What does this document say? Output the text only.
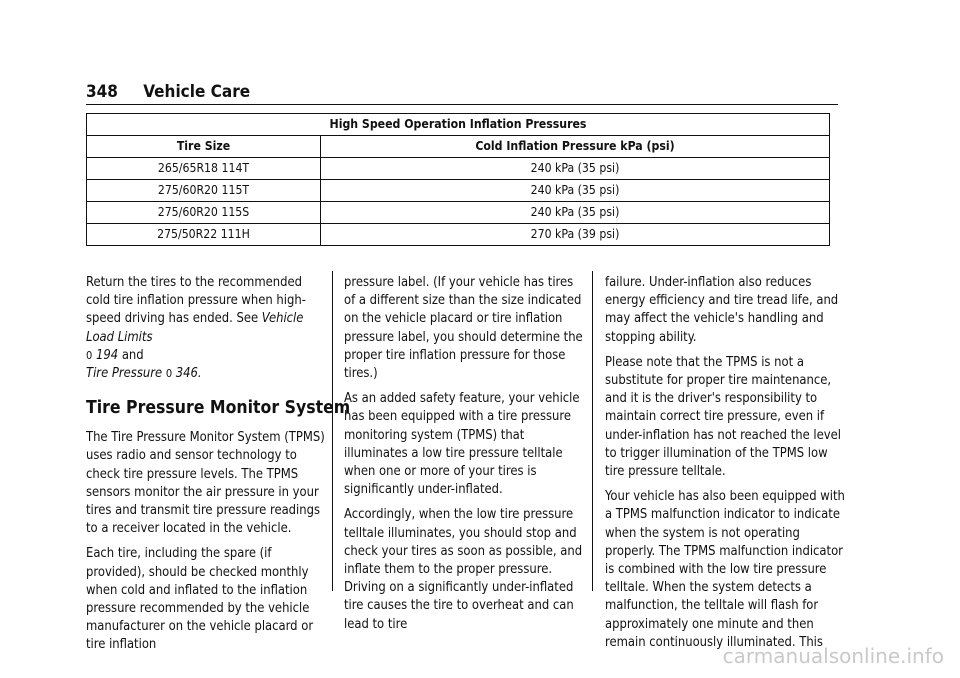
348 Vehicle Care
High Speed Operation Inflation Pressures	
Tire Size	Cold Inflation Pressure kPa (psi)
265/65R18 114T	240 kPa (35 psi)
275/60R20 115T	240 kPa (35 psi)
275/60R20 115S	240 kPa (35 psi)
275/50R22 111H	270 kPa (39 psi)

Return the tires to the recommended cold tire inflation pressure when high-speed driving has ended. See Vehicle Load Limits
0 194 and
Tire Pressure 0 346.

Tire Pressure Monitor System

The Tire Pressure Monitor System (TPMS) uses radio and sensor technology to check tire pressure levels. The TPMS sensors monitor the air pressure in your tires and transmit tire pressure readings to a receiver located in the vehicle.

Each tire, including the spare (if provided), should be checked monthly when cold and inflated to the inflation pressure recommended by the vehicle manufacturer on the vehicle placard or tire inflation

pressure label. (If your vehicle has tires of a different size than the size indicated on the vehicle placard or tire inflation pressure label, you should determine the proper tire inflation pressure for those tires.)

As an added safety feature, your vehicle has been equipped with a tire pressure monitoring system (TPMS) that illuminates a low tire pressure telltale when one or more of your tires is significantly under-inflated.

Accordingly, when the low tire pressure telltale illuminates, you should stop and check your tires as soon as possible, and inflate them to the proper pressure. Driving on a significantly under-inflated tire causes the tire to overheat and can lead to tire

failure. Under-inflation also reduces energy efficiency and tire tread life, and may affect the vehicle's handling and stopping ability.

Please note that the TPMS is not a substitute for proper tire maintenance, and it is the driver's responsibility to maintain correct tire pressure, even if under-inflation has not reached the level to trigger illumination of the TPMS low tire pressure telltale.

Your vehicle has also been equipped with a TPMS malfunction indicator to indicate when the system is not operating properly. The TPMS malfunction indicator is combined with the low tire pressure telltale. When the system detects a malfunction, the telltale will flash for approximately one minute and then remain continuously illuminated. This

carmanualsonline.info
